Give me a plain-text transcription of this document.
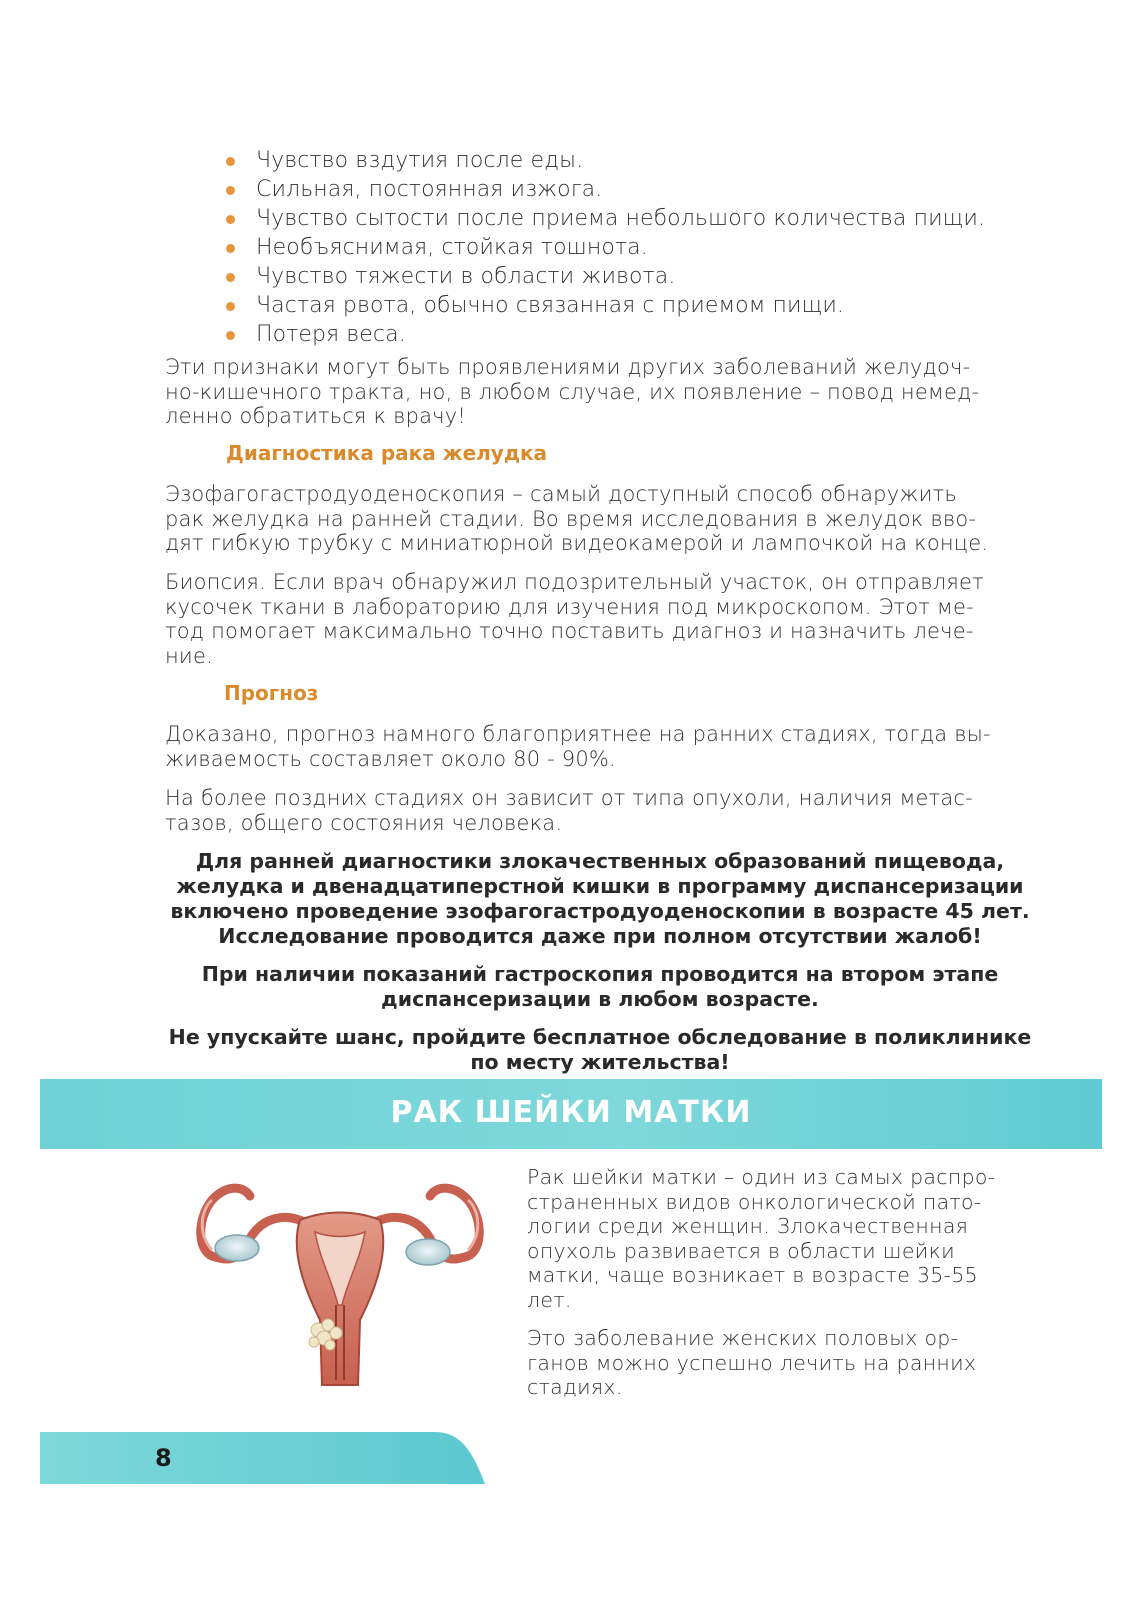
Чувство вздутия после еды.
Сильная, постоянная изжога.
Чувство сытости после приема небольшого количества пищи.
Необъяснимая, стойкая тошнота.
Чувство тяжести в области живота.
Частая рвота, обычно связанная с приемом пищи.
Потеря веса.

Эти признаки могут быть проявлениями других заболеваний желудоч-
но-кишечного тракта, но, в любом случае, их появление – повод немед-
ленно обратиться к врачу!

Диагностика рака желудка

Эзофагогастродуоденоскопия – самый доступный способ обнаружить
рак желудка на ранней стадии. Во время исследования в желудок вво-
дят гибкую трубку с миниатюрной видеокамерой и лампочкой на конце.

Биопсия. Если врач обнаружил подозрительный участок, он отправляет
кусочек ткани в лабораторию для изучения под микроскопом. Этот ме-
тод помогает максимально точно поставить диагноз и назначить лече-
ние.

Прогноз

Доказано, прогноз намного благоприятнее на ранних стадиях, тогда вы-
живаемость составляет около 80 - 90%.

На более поздних стадиях он зависит от типа опухоли, наличия метас-
тазов, общего состояния человека.

Для ранней диагностики злокачественных образований пищевода,
желудка и двенадцатиперстной кишки в программу диспансеризации
включено проведение эзофагогастродуоденоскопии в возрасте 45 лет.
Исследование проводится даже при полном отсутствии жалоб!

При наличии показаний гастроскопия проводится на втором этапе
диспансеризации в любом возрасте.

Не упускайте шанс, пройдите бесплатное обследование в поликлинике
по месту жительства!

РАК ШЕЙКИ МАТКИ

Рак шейки матки – один из самых распро-
страненных видов онкологической пато-
логии среди женщин. Злокачественная
опухоль развивается в области шейки
матки, чаще возникает в возрасте 35-55
лет.

Это заболевание женских половых ор-
ганов можно успешно лечить на ранних
стадиях.

8
